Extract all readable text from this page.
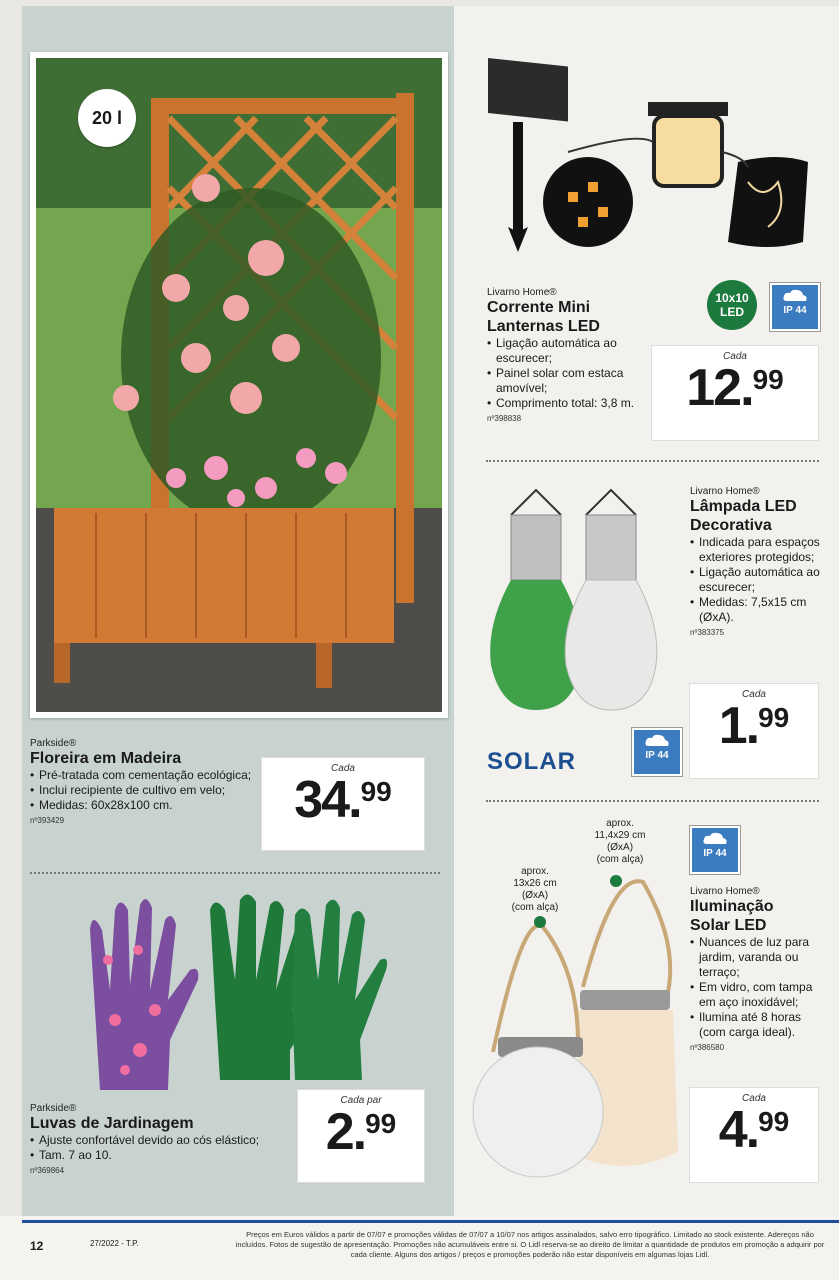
20 l
Parkside®
Floreira em Madeira
• Pré-tratada com cementação ecológica;
• Inclui recipiente de cultivo em velo;
• Medidas: 60x28x100 cm.
nº393429
Cada
34. 99
Parkside®
Luvas de Jardinagem
• Ajuste confortável devido ao cós elástico;
• Tam. 7 ao 10.
nº369864
Cada par
2. 99
Livarno Home®
Corrente Mini
Lanternas LED
• Ligação automática ao escurecer;
• Painel solar com estaca amovível;
• Comprimento total: 3,8 m.
nº398838
10x10
LED	IP 44
Cada
12. 99
Livarno Home®
Lâmpada LED
Decorativa
• Indicada para espaços exteriores protegidos;
• Ligação automática ao escurecer;
• Medidas: 7,5x15 cm (ØxA).
nº383375
SOLAR	IP 44
Cada
1. 99
aprox.
11,4x29 cm
(ØxA)
(com alça)
aprox.
13x26 cm
(ØxA)
(com alça)
IP 44
Livarno Home®
Iluminação
Solar LED
• Nuances de luz para jardim, varanda ou terraço;
• Em vidro, com tampa em aço inoxidável;
• Ilumina até 8 horas (com carga ideal).
nº386580
Cada
4. 99
12	27/2022 - T.P.
Preços em Euros válidos a partir de 07/07 e promoções válidas de 07/07 a 10/07 nos artigos assinalados, salvo erro tipográfico. Limitado ao stock existente. Adereços não incluídos. Fotos de sugestão de apresentação. Promoções não acumuláveis entre si. O Lidl reserva-se ao direito de limitar a quantidade de produtos em promoção a adquirir por cada cliente. Alguns dos artigos / preços e promoções poderão não estar disponíveis em algumas lojas Lidl.
